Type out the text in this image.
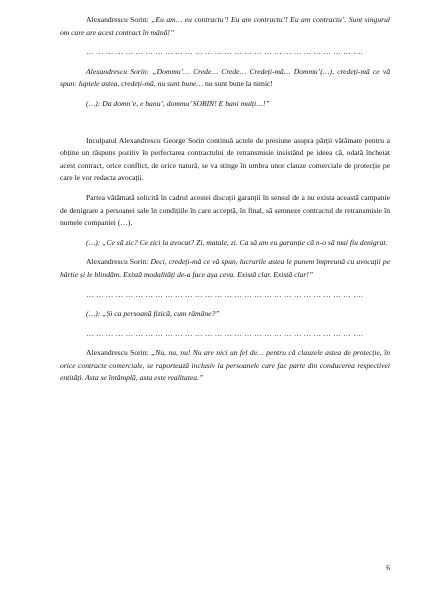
Alexandrescu Sorin: „Eu am… eu contractu’! Eu am contractu’! Eu am contractu’. Sunt singurul om care are acest contract în mână!”

… … … … … … … … … … … … … … … … … … … … … … … … … … … ….

Alexandrescu Sorin: „Dommu’… Crede… Crede… Credeți-mă… Dommu’(…), credeți-mă ce vă spun: luptele astea, credeți-mă, nu sunt bune… nu sunt bune la nimic!

(…): Da domn’e, e banu’, dommu’ SORIN! E bani mulți…!”

Inculpatul Alexandrescu George Sorin continuă actele de presiune asupra părții vătămate pentru a obține un răspuns pozitiv în perfectarea contractului de retransmisie insistând pe ideea că, odată încheiat acest contract, orice conflict, de orice natură, se va stinge în umbra unor clauze comerciale de protecție pe care le vor redacta avocații.

Partea vătămată solicită în cadrul acestei discuții garanții în sensul de a nu exista această campanie de denigrare a persoanei sale în condițiile în care acceptă, în final, să semneze contractul de retransmisie în numele companiei (…).

(…): „Ce să zic? Ce zici la avocat? Zi, matale, zi. Ca să am eu garanție că n-o să mai fiu denigrat.

Alexandrescu Sorin: Deci, credeți-mă ce vă spun, lucrurile astea le punem împreună cu avocații pe hârtie și le blindăm. Există modalități de-a face așa ceva. Există clar. Există clar!”

… … … … … … … … … … … … … … … … … … … … … … … … … … … ….

(…): „Și ca persoană fizică, cum rămâne?”

… … … … … … … … … … … … … … … … … … … … … … … … … … … ….

Alexandrescu Sorin: „Nu, nu, nu! Nu are nici un fel de… pentru că clauzele astea de protecție, în orice contracte comerciale, se raportează inclusiv la persoanele care fac parte din conducerea respectivei entități. Asta se întâmplă, asta este realitatea.”

6
